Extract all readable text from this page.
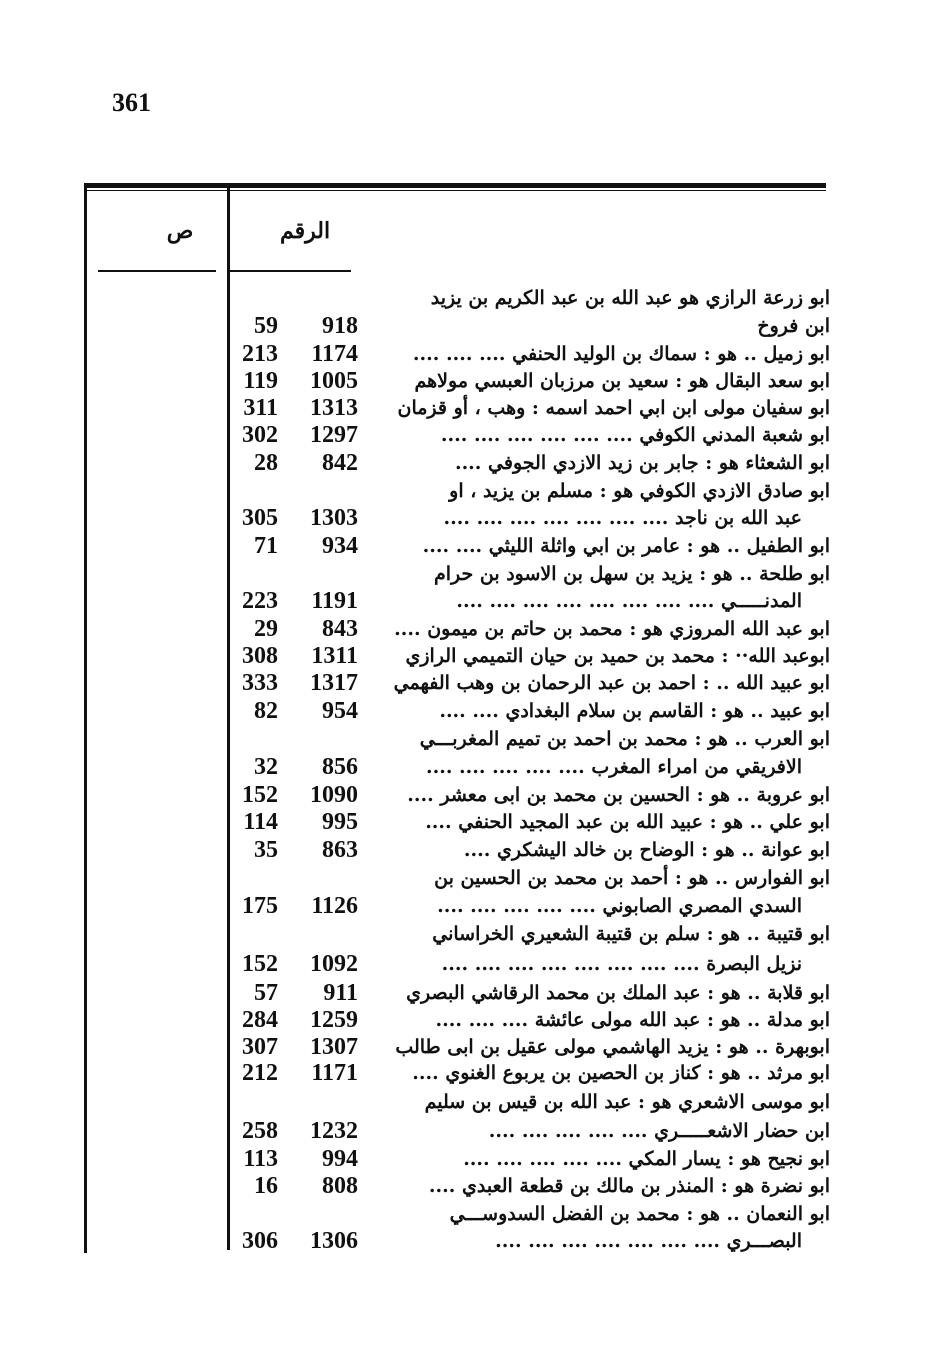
361
ص	الرقم
ابو زرعة الرازي هو عبد الله بن عبد الكريم بن يزيد
59	918	ابن فروخ
213	1174	ابو زميل .. هو : سماك بن الوليد الحنفي .... .... ....
119	1005	ابو سعد البقال هو : سعيد بن مرزبان العبسي مولاهم
311	1313	ابو سفيان مولى ابن ابي احمد اسمه : وهب ، أو قزمان
302	1297	ابو شعبة المدني الكوفي .... .... .... .... .... ....
28	842	ابو الشعثاء هو : جابر بن زيد الازدي الجوفي ....
ابو صادق الازدي الكوفي هو : مسلم بن يزيد ، او
305	1303	عبد الله بن ناجد .... .... .... .... .... .... ....
71	934	ابو الطفيل .. هو : عامر بن ابي واثلة الليثي .... ....
ابو طلحة .. هو : يزيد بن سهل بن الاسود بن حرام
223	1191	المدنـــــي .... .... .... .... .... .... .... ....
29	843	ابو عبد الله المروزي هو : محمد بن حاتم بن ميمون ....
308	1311	ابوعبد الله·· : محمد بن حميد بن حيان التميمي الرازي
333	1317	ابو عبيد الله .. : احمد بن عبد الرحمان بن وهب الفهمي
82	954	ابو عبيد .. هو : القاسم بن سلام البغدادي .... ....
ابو العرب .. هو : محمد بن احمد بن تميم المغربـــي
32	856	الافريقي من امراء المغرب .... .... .... .... ....
152	1090	ابو عروبة .. هو : الحسين بن محمد بن ابى معشر ....
114	995	ابو علي .. هو : عبيد الله بن عبد المجيد الحنفي ....
35	863	ابو عوانة .. هو : الوضاح بن خالد اليشكري ....
ابو الفوارس .. هو : أحمد بن محمد بن الحسين بن
175	1126	السدي المصري الصابوني .... .... .... .... ....
ابو قتيبة .. هو : سلم بن قتيبة الشعيري الخراساني
152	1092	نزيل البصرة .... .... .... .... .... .... .... ....
57	911	ابو قلابة .. هو : عبد الملك بن محمد الرقاشي البصري
284	1259	ابو مدلة .. هو : عبد الله مولى عائشة .... .... ....
307	1307	ابوبهرة .. هو : يزيد الهاشمي مولى عقيل بن ابى طالب
212	1171	ابو مرثد .. هو : كناز بن الحصين بن يربوع الغنوي ....
ابو موسى الاشعري هو : عبد الله بن قيس بن سليم
258	1232	ابن حضار الاشعـــــري .... .... .... .... ....
113	994	ابو نجيح هو : يسار المكي .... .... .... .... ....
16	808	ابو نضرة هو : المنذر بن مالك بن قطعة العبدي ....
ابو النعمان .. هو : محمد بن الفضل السدوســـي
306	1306	البصـــري .... .... .... .... .... .... ....
